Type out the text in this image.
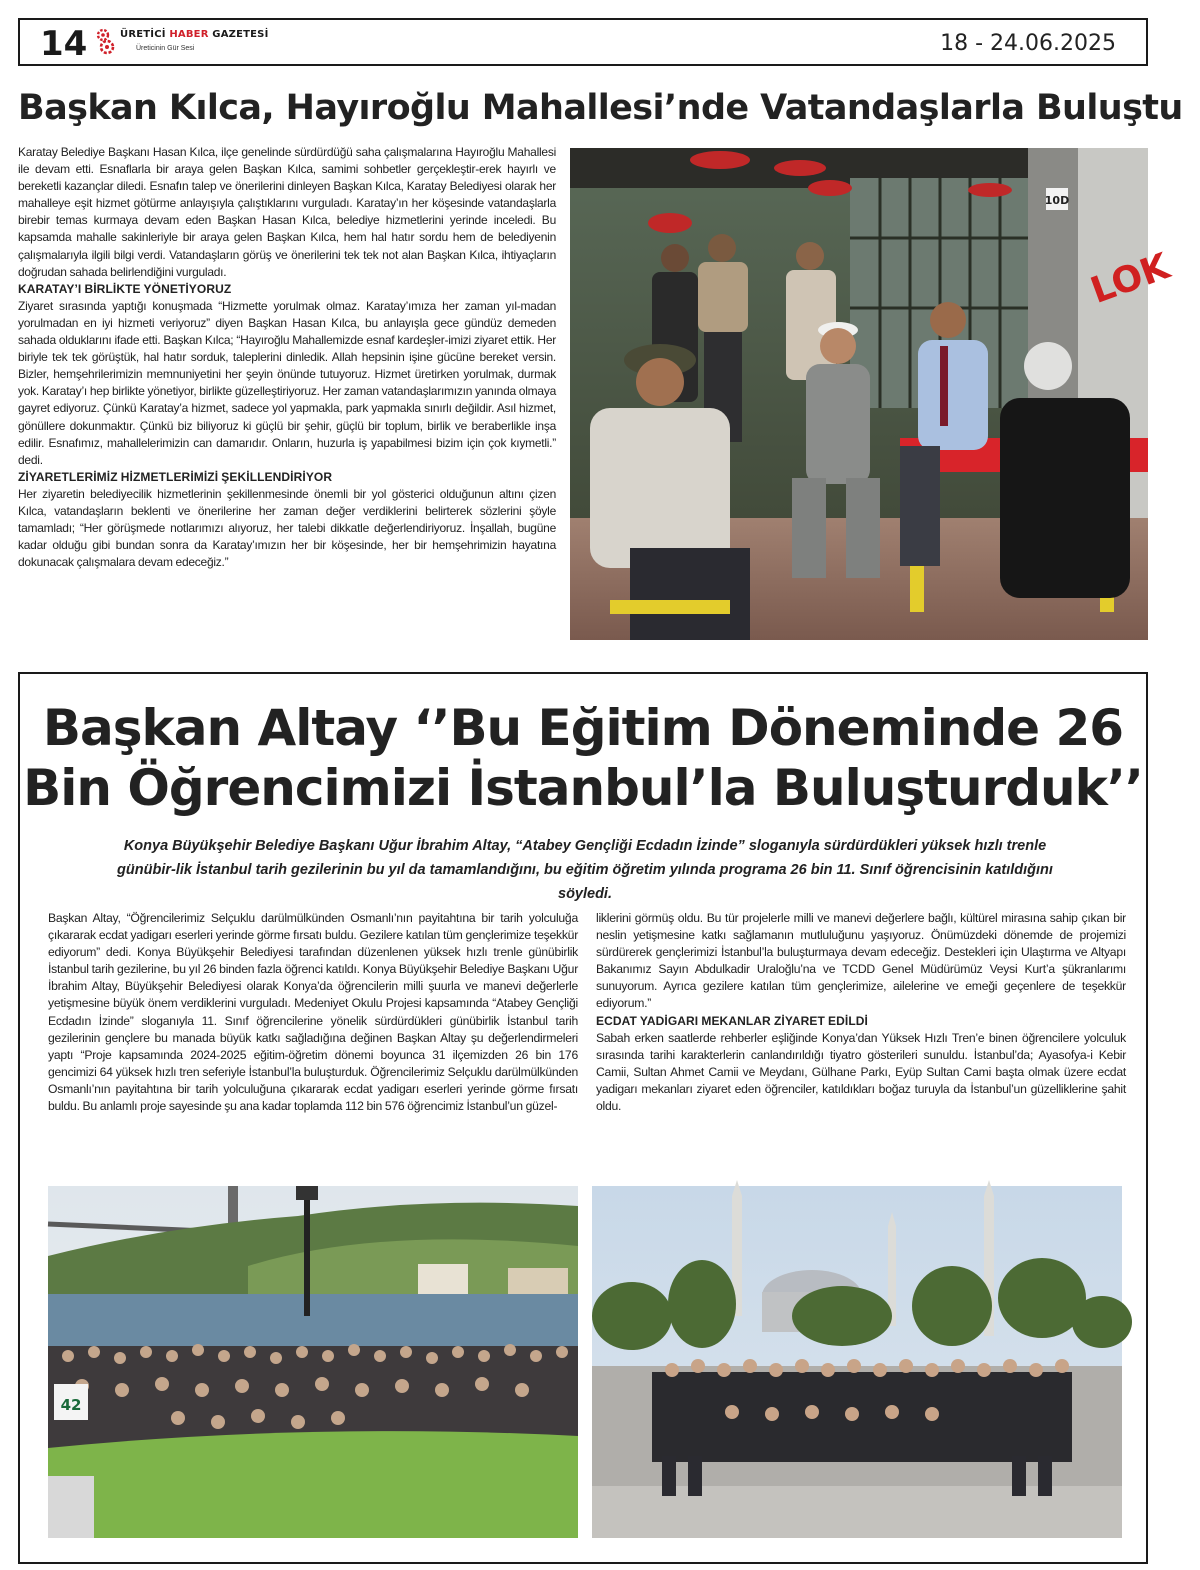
14	ÜRETİCİ HABER GAZETESİ
Üreticinin Gür Sesi	18 - 24.06.2025
Başkan Kılca, Hayıroğlu Mahallesi’nde Vatandaşlarla Buluştu

Karatay Belediye Başkanı Hasan Kılca, ilçe genelinde sürdürdüğü saha çalışmalarına Hayıroğlu Mahallesi ile devam etti. Esnaflarla bir araya gelen Başkan Kılca, samimi sohbetler gerçekleştir-erek hayırlı ve bereketli kazançlar diledi. Esnafın talep ve önerilerini dinleyen Başkan Kılca, Karatay Belediyesi olarak her mahalleye eşit hizmet götürme anlayışıyla çalıştıklarını vurguladı. Karatay’ın her köşesinde vatandaşlarla birebir temas kurmaya devam eden Başkan Hasan Kılca, belediye hizmetlerini yerinde inceledi. Bu kapsamda mahalle sakinleriyle bir araya gelen Başkan Kılca, hem hal hatır sordu hem de belediyenin çalışmalarıyla ilgili bilgi verdi. Vatandaşların görüş ve önerilerini tek tek not alan Başkan Kılca, ihtiyaçların doğrudan sahada belirlendiğini vurguladı.

KARATAY’I BİRLİKTE YÖNETİYORUZ

Ziyaret sırasında yaptığı konuşmada “Hizmette yorulmak olmaz. Karatay’ımıza her zaman yıl-madan yorulmadan en iyi hizmeti veriyoruz” diyen Başkan Hasan Kılca, bu anlayışla gece gündüz demeden sahada olduklarını ifade etti. Başkan Kılca; “Hayıroğlu Mahallemizde esnaf kardeşler-imizi ziyaret ettik. Her biriyle tek tek görüştük, hal hatır sorduk, taleplerini dinledik. Allah hepsinin işine gücüne bereket versin. Bizler, hemşehrilerimizin memnuniyetini her şeyin önünde tutuyoruz. Hizmet üretirken yorulmak, durmak yok. Karatay’ı hep birlikte yönetiyor, birlikte güzelleştiriyoruz. Her zaman vatandaşlarımızın yanında olmaya gayret ediyoruz. Çünkü Karatay’a hizmet, sadece yol yapmakla, park yapmakla sınırlı değildir. Asıl hizmet, gönüllere dokunmaktır. Çünkü biz biliyoruz ki güçlü bir şehir, güçlü bir toplum, birlik ve beraberlikle inşa edilir. Esnafımız, mahallelerimizin can damarıdır. Onların, huzurla iş yapabilmesi bizim için çok kıymetli.” dedi.

ZİYARETLERİMİZ HİZMETLERİMİZİ ŞEKİLLENDİRİYOR

Her ziyaretin belediyecilik hizmetlerinin şekillenmesinde önemli bir yol gösterici olduğunun altını çizen Kılca, vatandaşların beklenti ve önerilerine her zaman değer verdiklerini belirterek sözlerini şöyle tamamladı; “Her görüşmede notlarımızı alıyoruz, her talebi dikkatle değerlendiriyoruz. İnşallah, bugüne kadar olduğu gibi bundan sonra da Karatay’ımızın her bir köşesinde, her bir hemşehrimizin hayatına dokunacak çalışmalara devam edeceğiz.”

10D
LOK
Başkan Altay ‘’Bu Eğitim Döneminde 26
Bin Öğrencimizi İstanbul’la Buluşturduk’’

Konya Büyükşehir Belediye Başkanı Uğur İbrahim Altay, “Atabey Gençliği Ecdadın İzinde” sloganıyla sürdürdükleri yüksek hızlı trenle günübir-lik İstanbul tarih gezilerinin bu yıl da tamamlandığını, bu eğitim öğretim yılında programa 26 bin 11. Sınıf öğrencisinin katıldığını söyledi.

Başkan Altay, “Öğrencilerimiz Selçuklu darülmülkünden Osmanlı’nın payitahtına bir tarih yolculuğa çıkararak ecdat yadigarı eserleri yerinde görme fırsatı buldu. Gezilere katılan tüm gençlerimize teşekkür ediyorum” dedi. Konya Büyükşehir Belediyesi tarafından düzenlenen yüksek hızlı trenle günübirlik İstanbul tarih gezilerine, bu yıl 26 binden fazla öğrenci katıldı. Konya Büyükşehir Belediye Başkanı Uğur İbrahim Altay, Büyükşehir Belediyesi olarak Konya’da öğrencilerin milli şuurla ve manevi değerlerle yetişmesine büyük önem verdiklerini vurguladı. Medeniyet Okulu Projesi kapsamında “Atabey Gençliği Ecdadın İzinde” sloganıyla 11. Sınıf öğrencilerine yönelik sürdürdükleri günübirlik İstanbul tarih gezilerinin gençlere bu manada büyük katkı sağladığına değinen Başkan Altay şu değerlendirmeleri yaptı “Proje kapsamında 2024-2025 eğitim-öğretim dönemi boyunca 31 ilçemizden 26 bin 176 gencimizi 64 yüksek hızlı tren seferiyle İstanbul’la buluşturduk. Öğrencilerimiz Selçuklu darülmülkünden Osmanlı’nın payitahtına bir tarih yolculuğuna çıkararak ecdat yadigarı eserleri yerinde görme fırsatı buldu. Bu anlamlı proje sayesinde şu ana kadar toplamda 112 bin 576 öğrencimiz İstanbul’un güzel-

liklerini görmüş oldu. Bu tür projelerle milli ve manevi değerlere bağlı, kültürel mirasına sahip çıkan bir neslin yetişmesine katkı sağlamanın mutluluğunu yaşıyoruz. Önümüzdeki dönemde de projemizi sürdürerek gençlerimizi İstanbul’la buluşturmaya devam edeceğiz. Destekleri için Ulaştırma ve Altyapı Bakanımız Sayın Abdulkadir Uraloğlu’na ve TCDD Genel Müdürümüz Veysi Kurt’a şükranlarımı sunuyorum. Ayrıca gezilere katılan tüm gençlerimize, ailelerine ve emeği geçenlere de teşekkür ediyorum.”

ECDAT YADİGARI MEKANLAR ZİYARET EDİLDİ

Sabah erken saatlerde rehberler eşliğinde Konya’dan Yüksek Hızlı Tren’e binen öğrencilere yolculuk sırasında tarihi karakterlerin canlandırıldığı tiyatro gösterileri sunuldu. İstanbul’da; Ayasofya-i Kebir Camii, Sultan Ahmet Camii ve Meydanı, Gülhane Parkı, Eyüp Sultan Cami başta olmak üzere ecdat yadigarı mekanları ziyaret eden öğrenciler, katıldıkları boğaz turuyla da İstanbul’un güzelliklerine şahit oldu.

42
